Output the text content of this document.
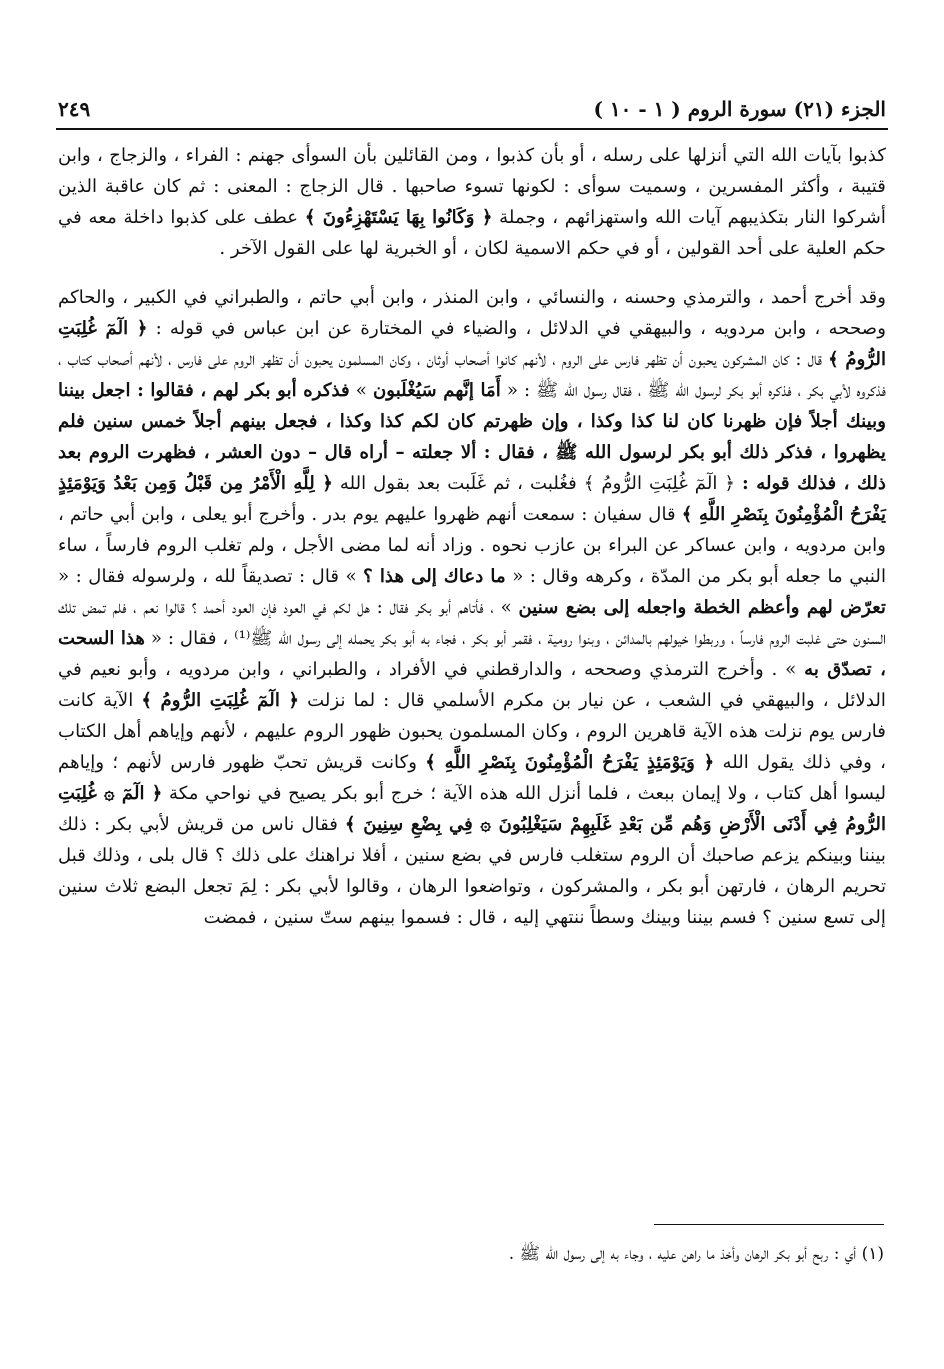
الجزء (٢١) سورة الروم ( ١ - ١٠ )
٢٤٩

كذبوا بآيات الله التي أنزلها على رسله ، أو بأن كذبوا ، ومن القائلين بأن السوأى جهنم : الفراء ، والزجاج ، وابن قتيبة ، وأكثر المفسرين ، وسميت سوأى : لكونها تسوء صاحبها . قال الزجاج : المعنى : ثم كان عاقبة الذين أشركوا النار بتكذيبهم آيات الله واستهزائهم ، وجملة ﴿ وَكَانُوا بِهَا يَسْتَهْزِءُونَ ﴾ عطف على كذبوا داخلة معه في حكم العلية على أحد القولين ، أو في حكم الاسمية لكان ، أو الخبرية لها على القول الآخر .

وقد أخرج أحمد ، والترمذي وحسنه ، والنسائي ، وابن المنذر ، وابن أبي حاتم ، والطبراني في الكبير ، والحاكم وصححه ، وابن مردويه ، والبيهقي في الدلائل ، والضياء في المختارة عن ابن عباس في قوله : ﴿ الٓمٓ غُلِبَتِ الرُّومُ ﴾ قال : كان المشركون يحبون أن تظهر فارس على الروم ، لأنهم كانوا أصحاب أوثان ، وكان المسلمون يحبون أن تظهر الروم على فارس ، لأنهم أصحاب كتاب ، فذكروه لأبي بكر ، فذكره أبو بكر لرسول الله ﷺ ، فقال رسول الله ﷺ : « أَمَا إنَّهم سَيُغْلَبون » فذكره أبو بكر لهم ، فقالوا : اجعل بيننا وبينك أجلاً فإن ظهرنا كان لنا كذا وكذا ، وإن ظهرتم كان لكم كذا وكذا ، فجعل بينهم أجلاً خمس سنين فلم يظهروا ، فذكر ذلك أبو بكر لرسول الله ﷺ ، فقال : ألا جعلته – أراه قال – دون العشر ، فظهرت الروم بعد ذلك ، فذلك قوله : ﴿ الٓمٓ غُلِبَتِ الرُّومُ ﴾ فغُلبت ، ثم غَلَبت بعد بقول الله ﴿ لِلَّهِ الْأَمْرُ مِن قَبْلُ وَمِن بَعْدُ وَيَوْمَئِذٍ يَفْرَحُ الْمُؤْمِنُونَ بِنَصْرِ اللَّهِ ﴾ قال سفيان : سمعت أنهم ظهروا عليهم يوم بدر . وأخرج أبو يعلى ، وابن أبي حاتم ، وابن مردويه ، وابن عساكر عن البراء بن عازب نحوه . وزاد أنه لما مضى الأجل ، ولم تغلب الروم فارساً ، ساء النبي ما جعله أبو بكر من المدّة ، وكرهه وقال : « ما دعاك إلى هذا ؟ » قال : تصديقاً لله ، ولرسوله فقال : « تعرّض لهم وأعظم الخطة واجعله إلى بضع سنين » ، فأتاهم أبو بكر فقال : هل لكم في العود فإن العود أحمد ؟ قالوا نعم ، فلم تمض تلك السنون حتى غلبت الروم فارساً ، وربطوا خيولهم بالمدائن ، وبنوا رومية ، فقمر أبو بكر ، فجاء به أبو بكر يحمله إلى رسول الله ﷺ⁽¹⁾ ، فقال : « هذا السحت ، تصدّق به » . وأخرج الترمذي وصححه ، والدارقطني في الأفراد ، والطبراني ، وابن مردويه ، وأبو نعيم في الدلائل ، والبيهقي في الشعب ، عن نيار بن مكرم الأسلمي قال : لما نزلت ﴿ الٓمٓ غُلِبَتِ الرُّومُ ﴾ الآية كانت فارس يوم نزلت هذه الآية قاهرين الروم ، وكان المسلمون يحبون ظهور الروم عليهم ، لأنهم وإياهم أهل الكتاب ، وفي ذلك يقول الله ﴿ وَيَوْمَئِذٍ يَفْرَحُ الْمُؤْمِنُونَ بِنَصْرِ اللَّهِ ﴾ وكانت قريش تحبّ ظهور فارس لأنهم ؛ وإياهم ليسوا أهل كتاب ، ولا إيمان ببعث ، فلما أنزل الله هذه الآية ؛ خرج أبو بكر يصيح في نواحي مكة ﴿ الٓمٓ ۞ غُلِبَتِ الرُّومُ فِي أَدْنَى الْأَرْضِ وَهُم مِّن بَعْدِ غَلَبِهِمْ سَيَغْلِبُونَ ۞ فِي بِضْعِ سِنِينَ ﴾ فقال ناس من قريش لأبي بكر : ذلك بيننا وبينكم يزعم صاحبك أن الروم ستغلب فارس في بضع سنين ، أفلا نراهنك على ذلك ؟ قال بلى ، وذلك قبل تحريم الرهان ، فارتهن أبو بكر ، والمشركون ، وتواضعوا الرهان ، وقالوا لأبي بكر : لِمَ تجعل البضع ثلاث سنين إلى تسع سنين ؟ فسم بيننا وبينك وسطاً ننتهي إليه ، قال : فسموا بينهم ستّ سنين ، فمضت

(١) أي : ربح أبو بكر الرهان وأخذ ما راهن عليه ، وجاء به إلى رسول الله ﷺ .
